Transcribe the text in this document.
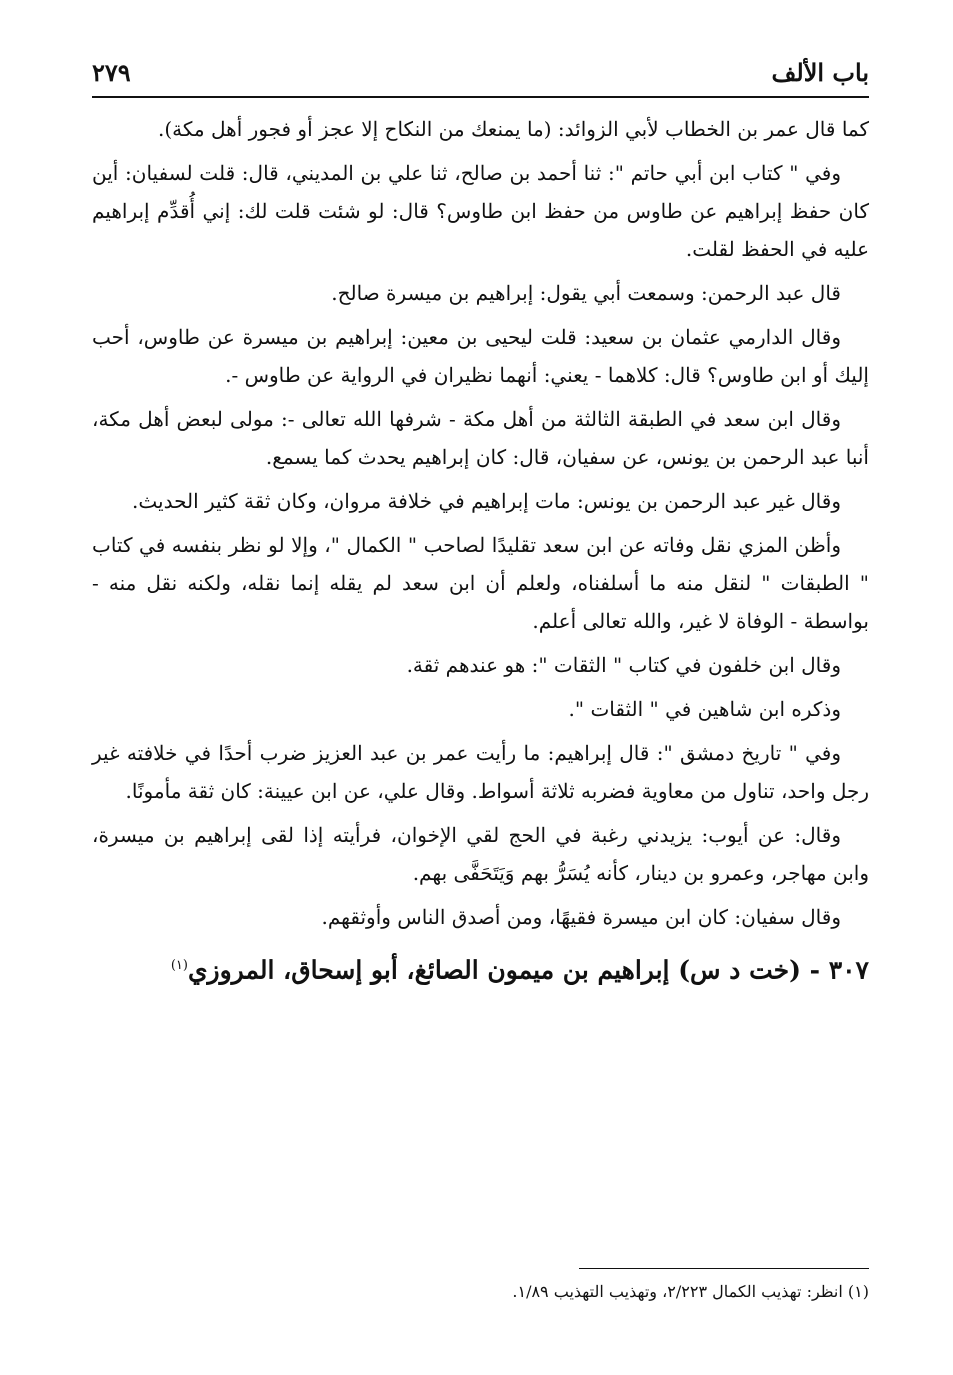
باب الألف
٢٧٩

كما قال عمر بن الخطاب لأبي الزوائد: (ما يمنعك من النكاح إلا عجز أو فجور أهل مكة).

وفي " كتاب ابن أبي حاتم ": ثنا أحمد بن صالح، ثنا علي بن المديني، قال: قلت لسفيان: أين كان حفظ إبراهيم عن طاوس من حفظ ابن طاوس؟ قال: لو شئت قلت لك: إني أُقدِّم إبراهيم عليه في الحفظ لقلت.

قال عبد الرحمن: وسمعت أبي يقول: إبراهيم بن ميسرة صالح.

وقال الدارمي عثمان بن سعيد: قلت ليحيى بن معين: إبراهيم بن ميسرة عن طاوس، أحب إليك أو ابن طاوس؟ قال: كلاهما - يعني: أنهما نظيران في الرواية عن طاوس -.

وقال ابن سعد في الطبقة الثالثة من أهل مكة - شرفها الله تعالى -: مولى لبعض أهل مكة، أنبا عبد الرحمن بن يونس، عن سفيان، قال: كان إبراهيم يحدث كما يسمع.

وقال غير عبد الرحمن بن يونس: مات إبراهيم في خلافة مروان، وكان ثقة كثير الحديث.

وأظن المزي نقل وفاته عن ابن سعد تقليدًا لصاحب " الكمال "، وإلا لو نظر بنفسه في كتاب " الطبقات " لنقل منه ما أسلفناه، ولعلم أن ابن سعد لم يقله إنما نقله، ولكنه نقل منه - بواسطة - الوفاة لا غير، والله تعالى أعلم.

وقال ابن خلفون في كتاب " الثقات ": هو عندهم ثقة.

وذكره ابن شاهين في " الثقات ".

وفي " تاريخ دمشق ": قال إبراهيم: ما رأيت عمر بن عبد العزيز ضرب أحدًا في خلافته غير رجل واحد، تناول من معاوية فضربه ثلاثة أسواط. وقال علي، عن ابن عيينة: كان ثقة مأمونًا.

وقال: عن أيوب: يزيدني رغبة في الحج لقي الإخوان، فرأيته إذا لقى إبراهيم بن ميسرة، وابن مهاجر، وعمرو بن دينار، كأنه يُسَرُّ بهم وَيَتَحَفَّى بهم.

وقال سفيان: كان ابن ميسرة فقيهًا، ومن أصدق الناس وأوثقهم.

٣٠٧ - (خت د س) إبراهيم بن ميمون الصائغ، أبو إسحاق، المروزي$^{(١)}$

(١) انظر: تهذيب الكمال ٢/٢٢٣، وتهذيب التهذيب ١/٨٩.
